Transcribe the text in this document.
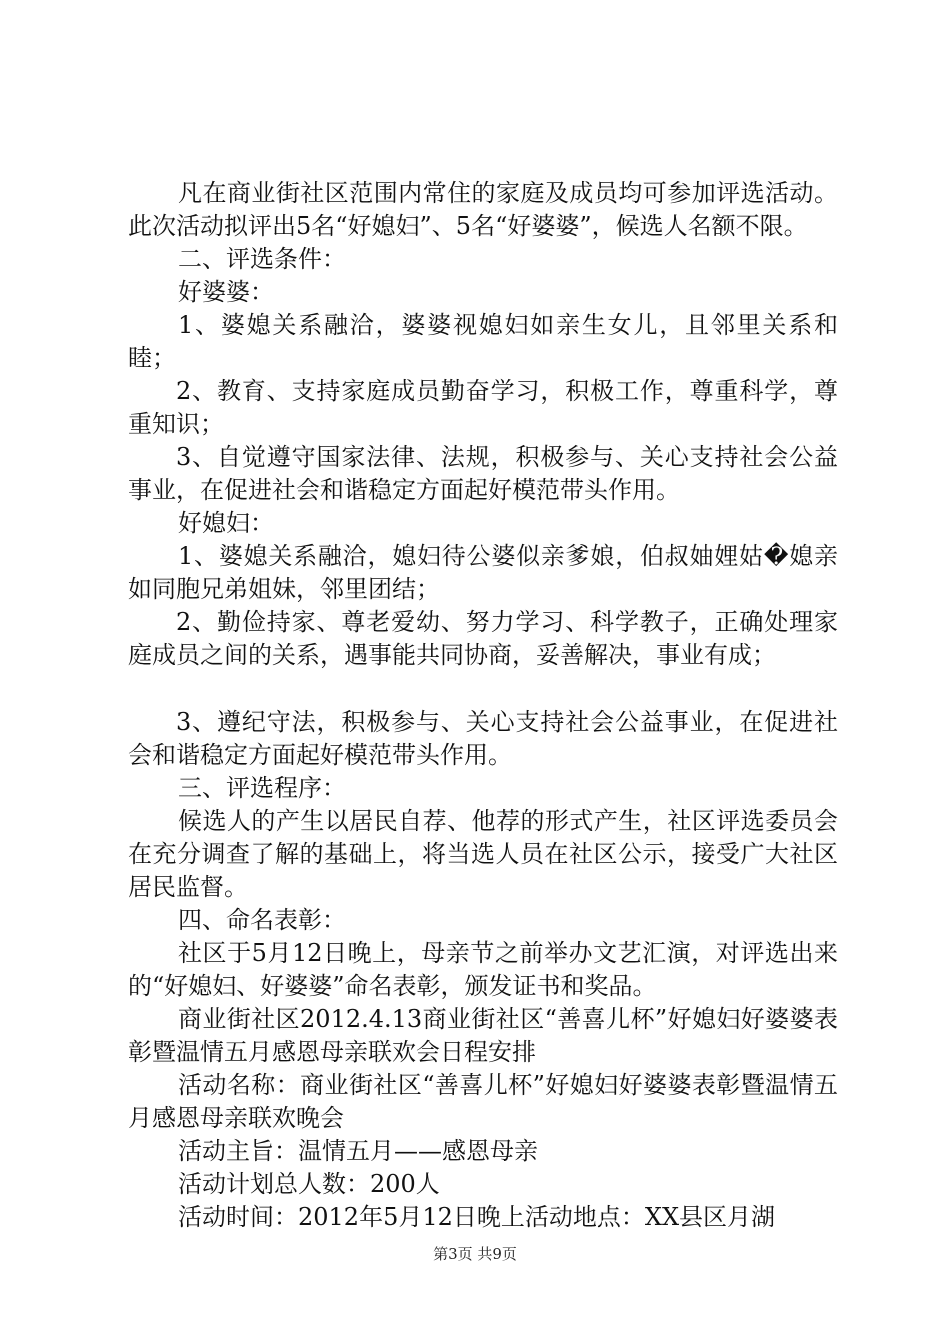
凡在商业街社区范围内常住的家庭及成员均可参加评选活动。此次活动拟评出5名“好媳妇”、5名“好婆婆”，候选人名额不限。

二、评选条件：

好婆婆：

1、婆媳关系融洽，婆婆视媳妇如亲生女儿，且邻里关系和睦；

2、教育、支持家庭成员勤奋学习，积极工作，尊重科学，尊重知识；

3、自觉遵守国家法律、法规，积极参与、关心支持社会公益事业，在促进社会和谐稳定方面起好模范带头作用。

好媳妇：

1、婆媳关系融洽，媳妇待公婆似亲爹娘，伯叔妯娌姑�媳亲如同胞兄弟姐妹，邻里团结；

2、勤俭持家、尊老爱幼、努力学习、科学教子，正确处理家庭成员之间的关系，遇事能共同协商，妥善解决，事业有成；

3、遵纪守法，积极参与、关心支持社会公益事业，在促进社会和谐稳定方面起好模范带头作用。

三、评选程序：

候选人的产生以居民自荐、他荐的形式产生，社区评选委员会在充分调查了解的基础上，将当选人员在社区公示，接受广大社区居民监督。

四、命名表彰：

社区于5月12日晚上，母亲节之前举办文艺汇演，对评选出来的“好媳妇、好婆婆”命名表彰，颁发证书和奖品。

商业街社区2012.4.13商业街社区“善喜儿杯”好媳妇好婆婆表彰暨温情五月感恩母亲联欢会日程安排

活动名称：商业街社区“善喜儿杯”好媳妇好婆婆表彰暨温情五月感恩母亲联欢晚会

活动主旨：温情五月——感恩母亲

活动计划总人数：200人

活动时间：2012年5月12日晚上活动地点：XX县区月湖

第3页 共9页
